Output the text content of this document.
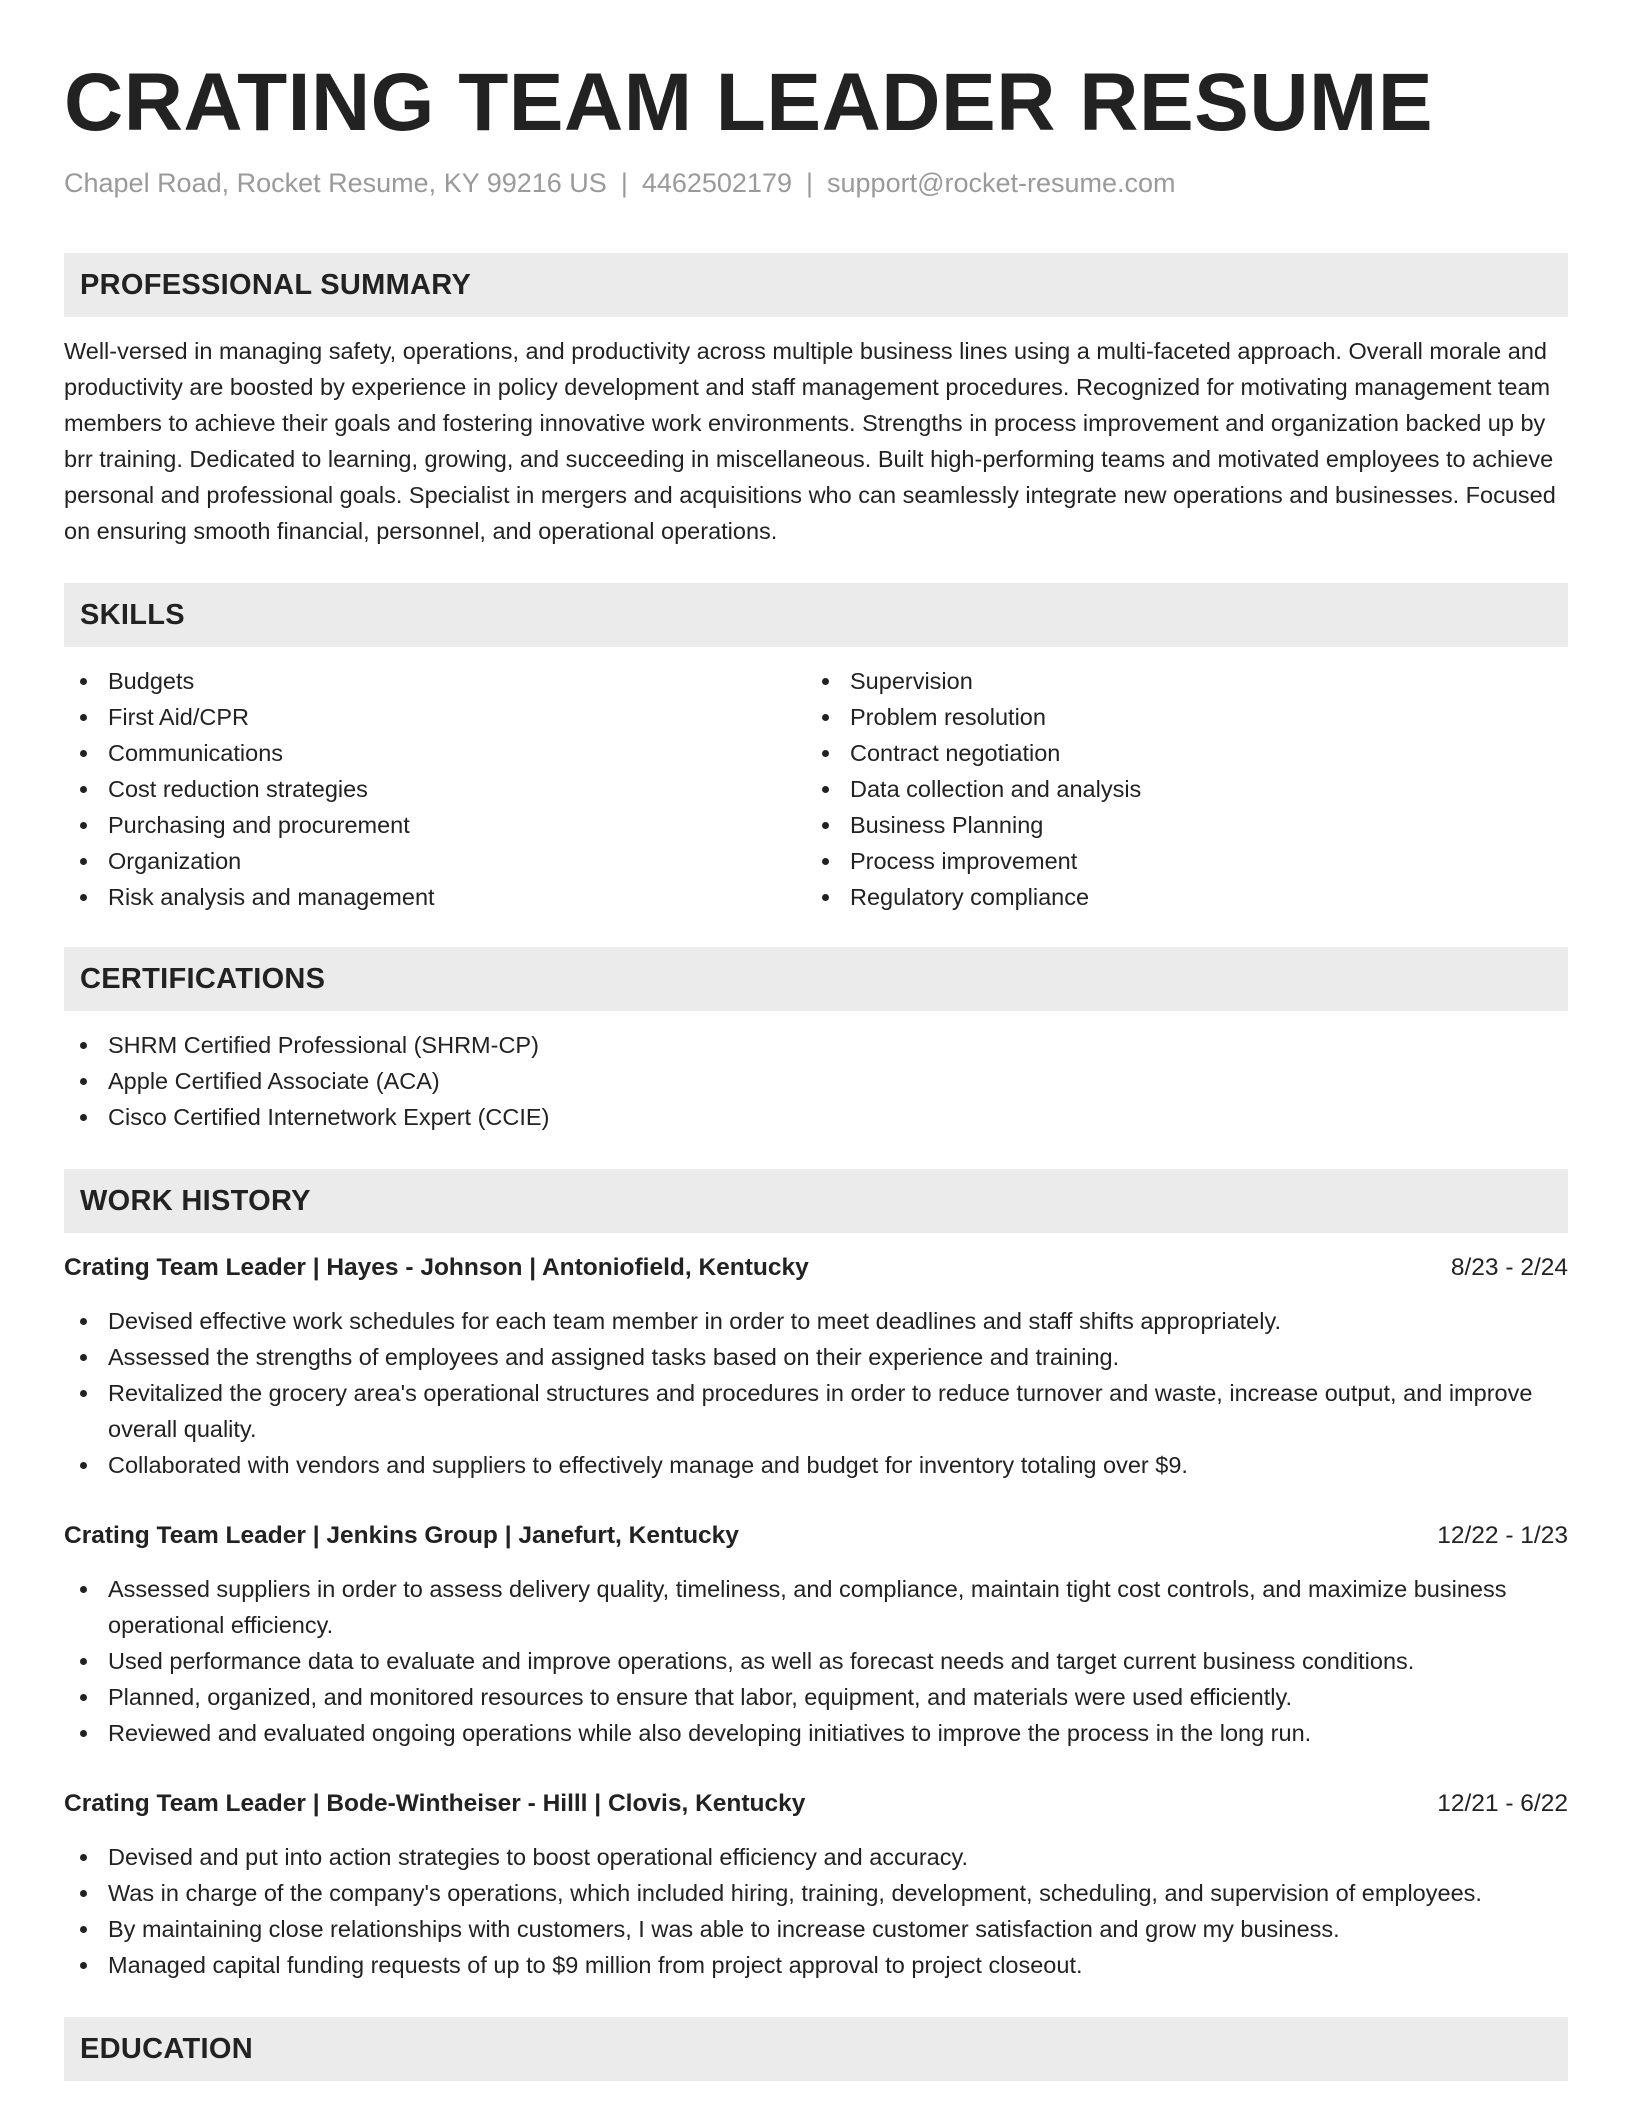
CRATING TEAM LEADER RESUME
Chapel Road, Rocket Resume, KY 99216 US | 4462502179 | support@rocket-resume.com
PROFESSIONAL SUMMARY
Well-versed in managing safety, operations, and productivity across multiple business lines using a multi-faceted approach. Overall morale and productivity are boosted by experience in policy development and staff management procedures. Recognized for motivating management team members to achieve their goals and fostering innovative work environments. Strengths in process improvement and organization backed up by brr training. Dedicated to learning, growing, and succeeding in miscellaneous. Built high-performing teams and motivated employees to achieve personal and professional goals. Specialist in mergers and acquisitions who can seamlessly integrate new operations and businesses. Focused on ensuring smooth financial, personnel, and operational operations.
SKILLS
Budgets
First Aid/CPR
Communications
Cost reduction strategies
Purchasing and procurement
Organization
Risk analysis and management
Supervision
Problem resolution
Contract negotiation
Data collection and analysis
Business Planning
Process improvement
Regulatory compliance
CERTIFICATIONS
SHRM Certified Professional (SHRM-CP)
Apple Certified Associate (ACA)
Cisco Certified Internetwork Expert (CCIE)
WORK HISTORY
Crating Team Leader | Hayes - Johnson | Antoniofield, Kentucky	8/23 - 2/24
Devised effective work schedules for each team member in order to meet deadlines and staff shifts appropriately.
Assessed the strengths of employees and assigned tasks based on their experience and training.
Revitalized the grocery area's operational structures and procedures in order to reduce turnover and waste, increase output, and improve overall quality.
Collaborated with vendors and suppliers to effectively manage and budget for inventory totaling over $9.
Crating Team Leader | Jenkins Group | Janefurt, Kentucky	12/22 - 1/23
Assessed suppliers in order to assess delivery quality, timeliness, and compliance, maintain tight cost controls, and maximize business operational efficiency.
Used performance data to evaluate and improve operations, as well as forecast needs and target current business conditions.
Planned, organized, and monitored resources to ensure that labor, equipment, and materials were used efficiently.
Reviewed and evaluated ongoing operations while also developing initiatives to improve the process in the long run.
Crating Team Leader | Bode-Wintheiser - Hilll | Clovis, Kentucky	12/21 - 6/22
Devised and put into action strategies to boost operational efficiency and accuracy.
Was in charge of the company's operations, which included hiring, training, development, scheduling, and supervision of employees.
By maintaining close relationships with customers, I was able to increase customer satisfaction and grow my business.
Managed capital funding requests of up to $9 million from project approval to project closeout.
EDUCATION
